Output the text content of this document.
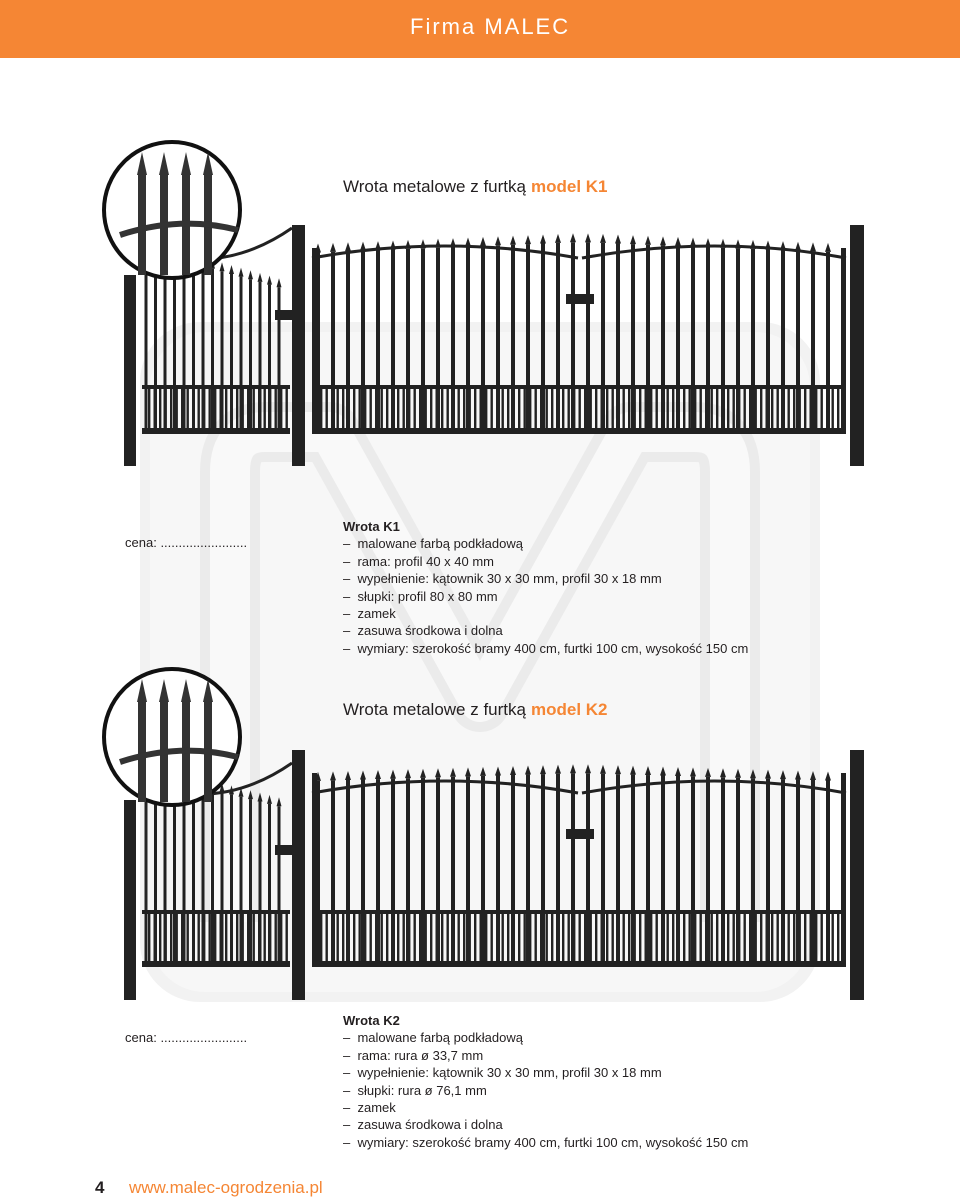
Firma MALEC
Wrota metalowe z furtką model K1
cena: ........................
Wrota K1
–  malowane farbą podkładową
–  rama: profil 40 x 40 mm
–  wypełnienie: kątownik 30 x 30 mm, profil 30 x 18 mm
–  słupki: profil 80 x 80 mm
–  zamek
–  zasuwa środkowa i dolna
–  wymiary: szerokość bramy 400 cm, furtki 100 cm, wysokość 150 cm
Wrota metalowe z furtką model K2
cena: ........................
Wrota K2
–  malowane farbą podkładową
–  rama: rura ø 33,7 mm
–  wypełnienie: kątownik 30 x 30 mm, profil 30 x 18 mm
–  słupki: rura ø 76,1 mm
–  zamek
–  zasuwa środkowa i dolna
–  wymiary: szerokość bramy 400 cm, furtki 100 cm, wysokość 150 cm
4 www.malec-ogrodzenia.pl
